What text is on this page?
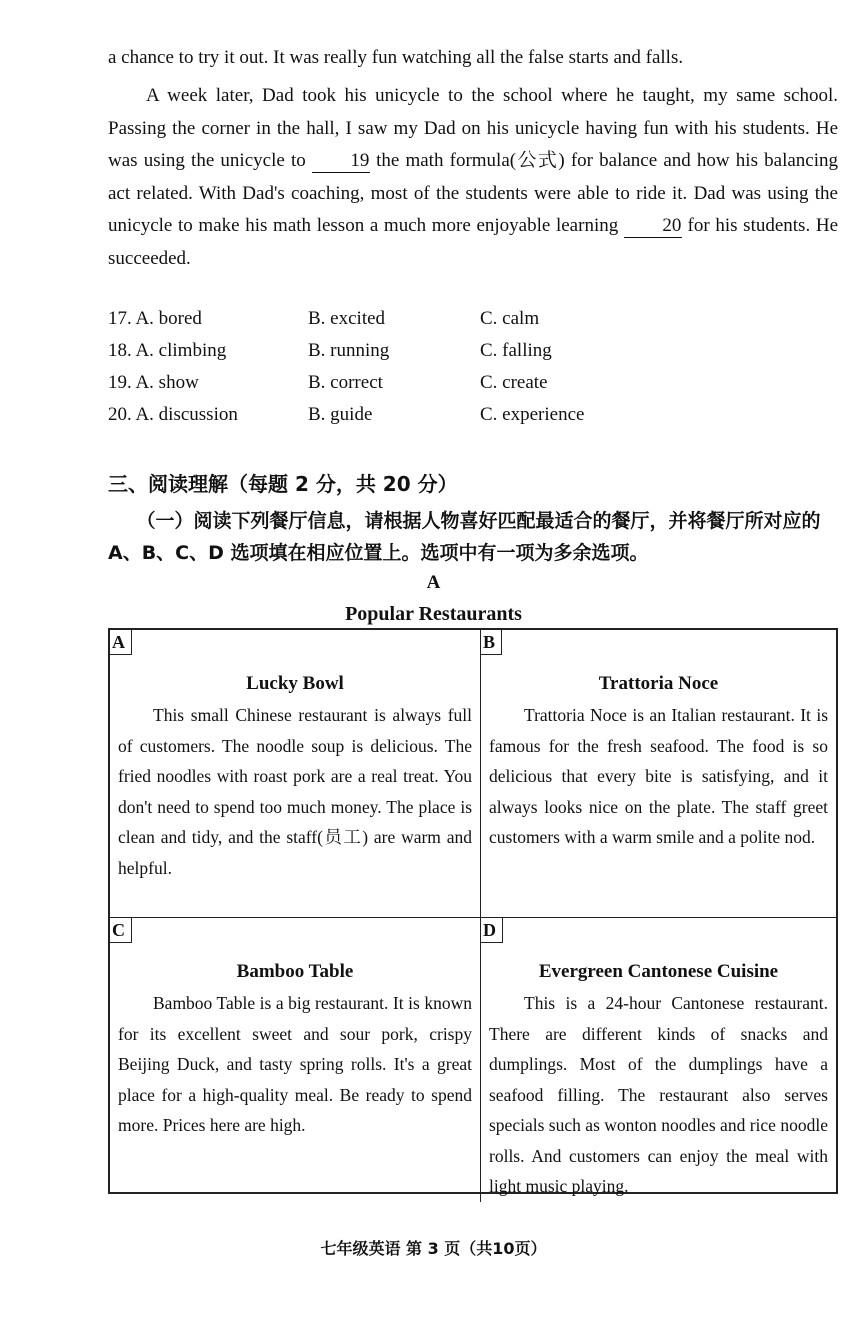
a chance to try it out. It was really fun watching all the false starts and falls.
A week later, Dad took his unicycle to the school where he taught, my same school. Passing the corner in the hall, I saw my Dad on his unicycle having fun with his students. He was using the unicycle to 19 the math formula(公式) for balance and how his balancing act related. With Dad's coaching, most of the students were able to ride it. Dad was using the unicycle to make his math lesson a much more enjoyable learning 20 for his students. He succeeded.
17. A. bored	B. excited	C. calm
18. A. climbing	B. running	C. falling
19. A. show	B. correct	C. create
20. A. discussion	B. guide	C. experience
三、阅读理解（每题 2 分，共 20 分）
（一）阅读下列餐厅信息，请根据人物喜好匹配最适合的餐厅，并将餐厅所对应的 A、B、C、D 选项填在相应位置上。选项中有一项为多余选项。
A
Popular Restaurants
A
Lucky Bowl
This small Chinese restaurant is always full of customers. The noodle soup is delicious. The fried noodles with roast pork are a real treat. You don't need to spend too much money. The place is clean and tidy, and the staff(员工) are warm and helpful.
B
Trattoria Noce
Trattoria Noce is an Italian restaurant. It is famous for the fresh seafood. The food is so delicious that every bite is satisfying, and it always looks nice on the plate. The staff greet customers with a warm smile and a polite nod.
C
Bamboo Table
Bamboo Table is a big restaurant. It is known for its excellent sweet and sour pork, crispy Beijing Duck, and tasty spring rolls. It's a great place for a high-quality meal. Be ready to spend more. Prices here are high.
D
Evergreen Cantonese Cuisine
This is a 24-hour Cantonese restaurant. There are different kinds of snacks and dumplings. Most of the dumplings have a seafood filling. The restaurant also serves specials such as wonton noodles and rice noodle rolls. And customers can enjoy the meal with light music playing.
七年级英语 第 3 页（共10页）
